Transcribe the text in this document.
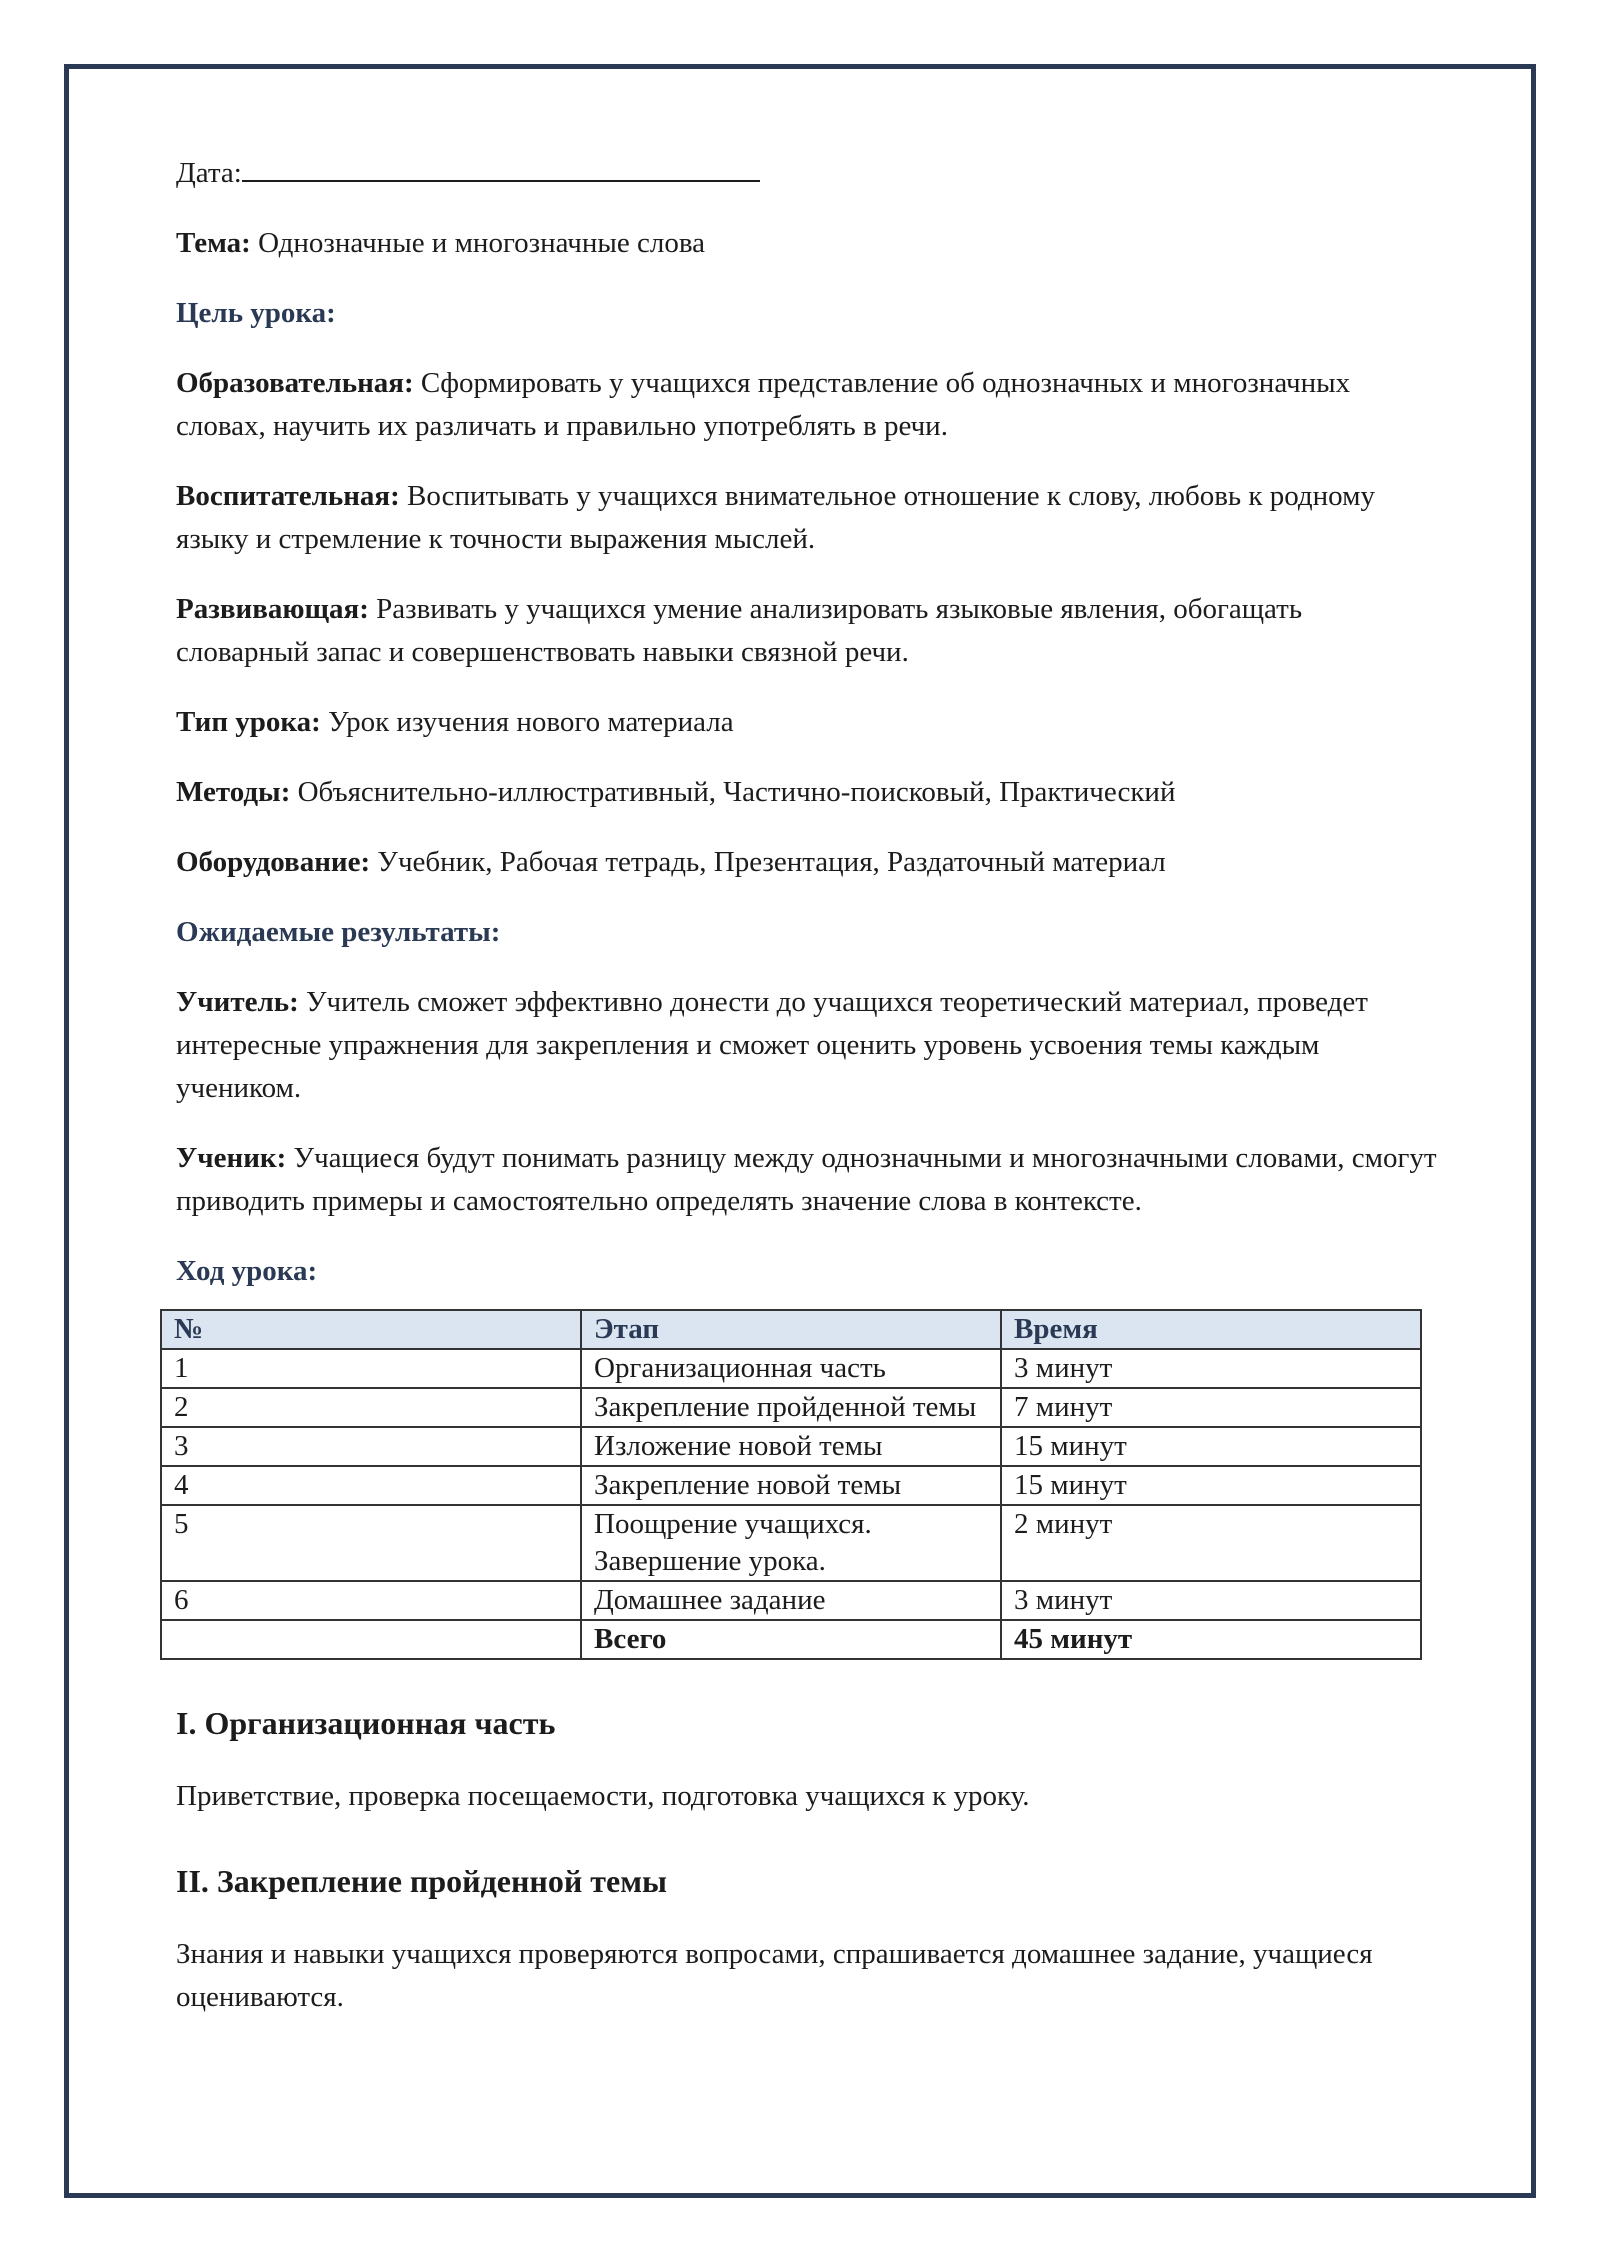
Дата:

Тема: Однозначные и многозначные слова

Цель урока:

Образовательная: Сформировать у учащихся представление об однозначных и многозначных словах, научить их различать и правильно употреблять в речи.

Воспитательная: Воспитывать у учащихся внимательное отношение к слову, любовь к родному языку и стремление к точности выражения мыслей.

Развивающая: Развивать у учащихся умение анализировать языковые явления, обогащать словарный запас и совершенствовать навыки связной речи.

Тип урока: Урок изучения нового материала

Методы: Объяснительно-иллюстративный, Частично-поисковый, Практический

Оборудование: Учебник, Рабочая тетрадь, Презентация, Раздаточный материал

Ожидаемые результаты:

Учитель: Учитель сможет эффективно донести до учащихся теоретический материал, проведет интересные упражнения для закрепления и сможет оценить уровень усвоения темы каждым учеником.

Ученик: Учащиеся будут понимать разницу между однозначными и многозначными словами, смогут приводить примеры и самостоятельно определять значение слова в контексте.

Ход урока:

№	Этап	Время
1	Организационная часть	3 минут
2	Закрепление пройденной темы	7 минут
3	Изложение новой темы	15 минут
4	Закрепление новой темы	15 минут
5	Поощрение учащихся. Завершение урока.	2 минут
6	Домашнее задание	3 минут
	Всего	45 минут
I. Организационная часть

Приветствие, проверка посещаемости, подготовка учащихся к уроку.

II. Закрепление пройденной темы

Знания и навыки учащихся проверяются вопросами, спрашивается домашнее задание, учащиеся оцениваются.
